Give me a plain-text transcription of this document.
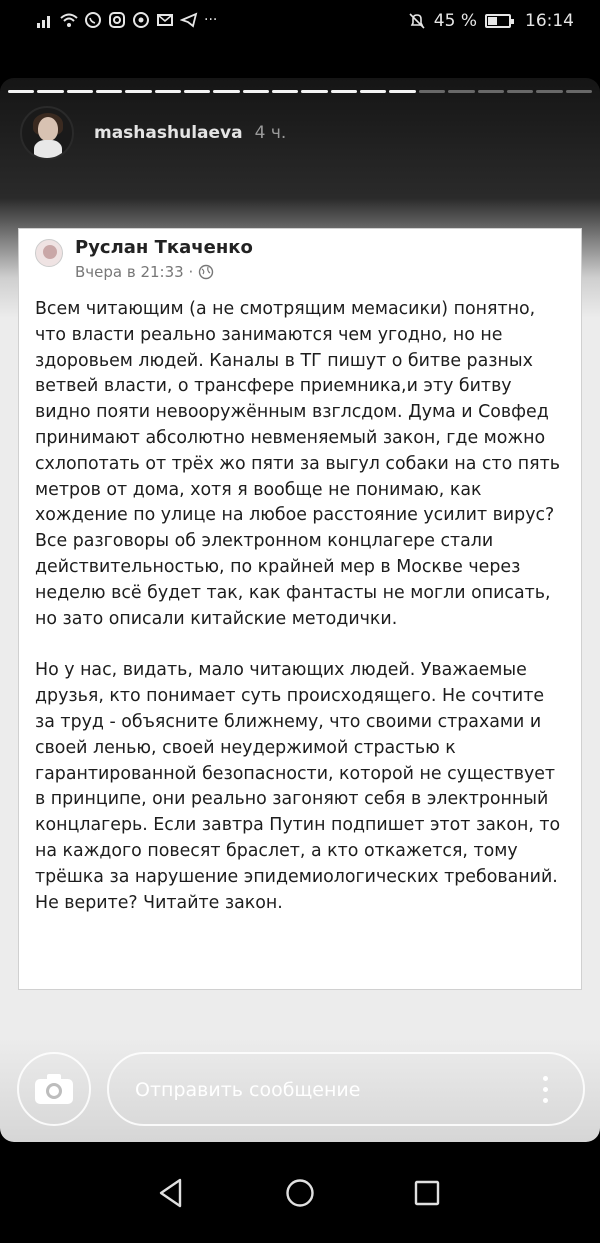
···	45 %	16:14
mashashulaeva 4 ч.
Руслан Ткаченко
Вчера в 21:33 ·

Всем читающим (а не смотрящим мемасики) понятно, что власти реально занимаются чем угодно, но не здоровьем людей. Каналы в ТГ пишут о битве разных ветвей власти, о трансфере приемника,и эту битву видно пояти невооружённым взглсдом. Дума и Совфед принимают абсолютно невменяемый закон, где можно схлопотать от трёх жо пяти за выгул собаки на сто пять метров от дома, хотя я вообще не понимаю, как хождение по улице на любое расстояние усилит вирус? Все разговоры об электронном концлагере стали действительностью, по крайней мер в Москве через неделю всё будет так, как фантасты не могли описать, но зато описали китайские методички.

Но у нас, видать, мало читающих людей. Уважаемые друзья, кто понимает суть происходящего. Не сочтите за труд - объясните ближнему, что своими страхами и своей ленью, своей неудержимой страстью к гарантированной безопасности, которой не существует в принципе, они реально загоняют себя в электронный концлагерь. Если завтра Путин подпишет этот закон, то на каждого повесят браслет, а кто откажется, тому трёшка за нарушение эпидемиологических требований. Не верите? Читайте закон.

Отправить сообщение
